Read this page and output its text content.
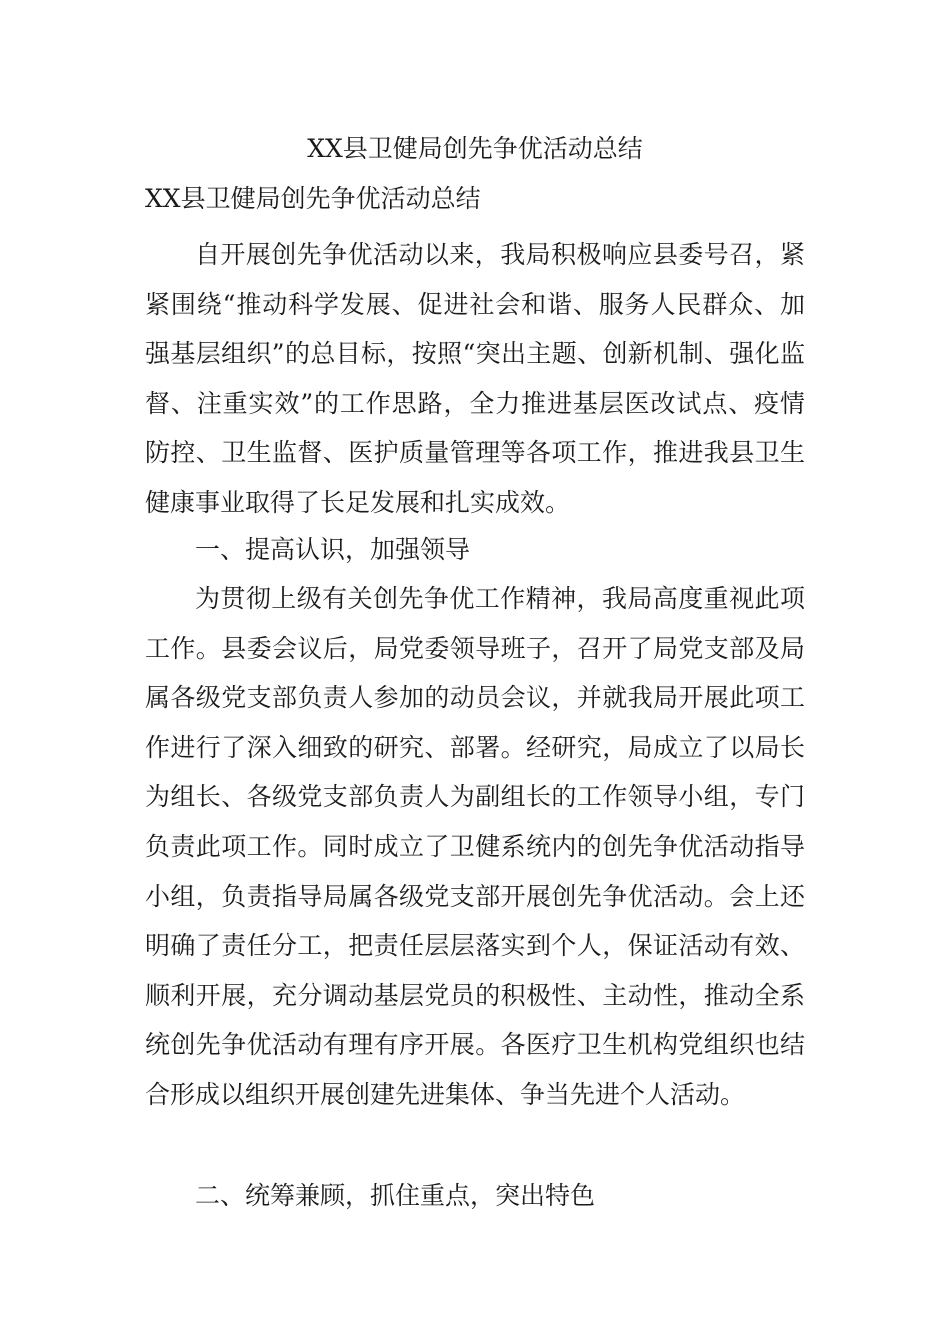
XX县卫健局创先争优活动总结

XX县卫健局创先争优活动总结

自开展创先争优活动以来，我局积极响应县委号召，紧紧围绕“推动科学发展、促进社会和谐、服务人民群众、加强基层组织”的总目标，按照“突出主题、创新机制、强化监督、注重实效”的工作思路，全力推进基层医改试点、疫情防控、卫生监督、医护质量管理等各项工作，推进我县卫生健康事业取得了长足发展和扎实成效。

一、提高认识，加强领导

为贯彻上级有关创先争优工作精神，我局高度重视此项工作。县委会议后，局党委领导班子，召开了局党支部及局属各级党支部负责人参加的动员会议，并就我局开展此项工作进行了深入细致的研究、部署。经研究，局成立了以局长为组长、各级党支部负责人为副组长的工作领导小组，专门负责此项工作。同时成立了卫健系统内的创先争优活动指导小组，负责指导局属各级党支部开展创先争优活动。会上还明确了责任分工，把责任层层落实到个人，保证活动有效、顺利开展，充分调动基层党员的积极性、主动性，推动全系统创先争优活动有理有序开展。各医疗卫生机构党组织也结合形成以组织开展创建先进集体、争当先进个人活动。

二、统筹兼顾，抓住重点，突出特色
